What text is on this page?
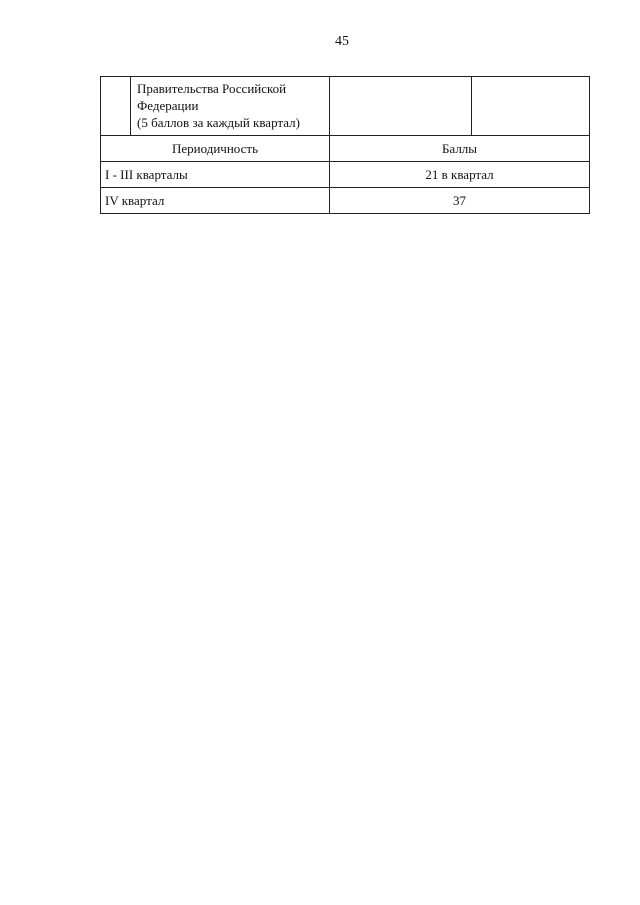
45

	Правительства Российской
Федерации
(5 баллов за каждый квартал)		

Периодичность		Баллы	
I - III кварталы		21 в квартал	
IV квартал		37	
